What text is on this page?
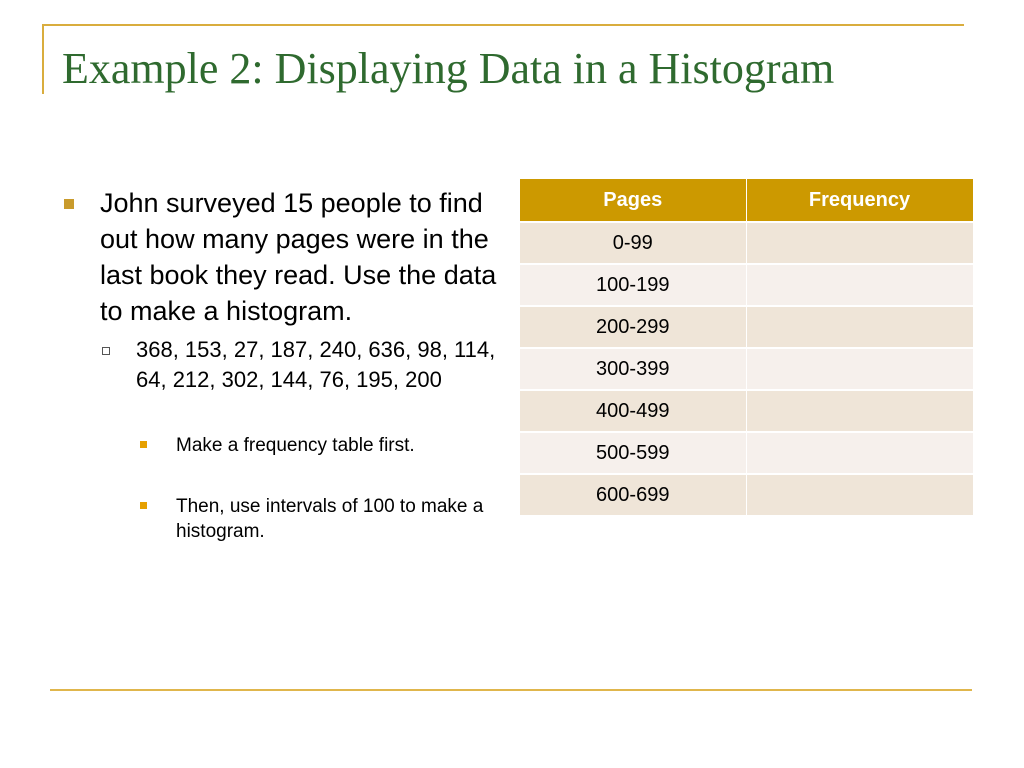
Example 2: Displaying Data in a Histogram
John surveyed 15 people to find out how many pages were in the last book they read. Use the data to make a histogram.
368, 153, 27, 187, 240, 636, 98, 114, 64, 212, 302, 144, 76, 195, 200
Make a frequency table first.
Then, use intervals of 100 to make a histogram.
Pages	Frequency
0-99	
100-199	
200-299	
300-399	
400-499	
500-599	
600-699	
